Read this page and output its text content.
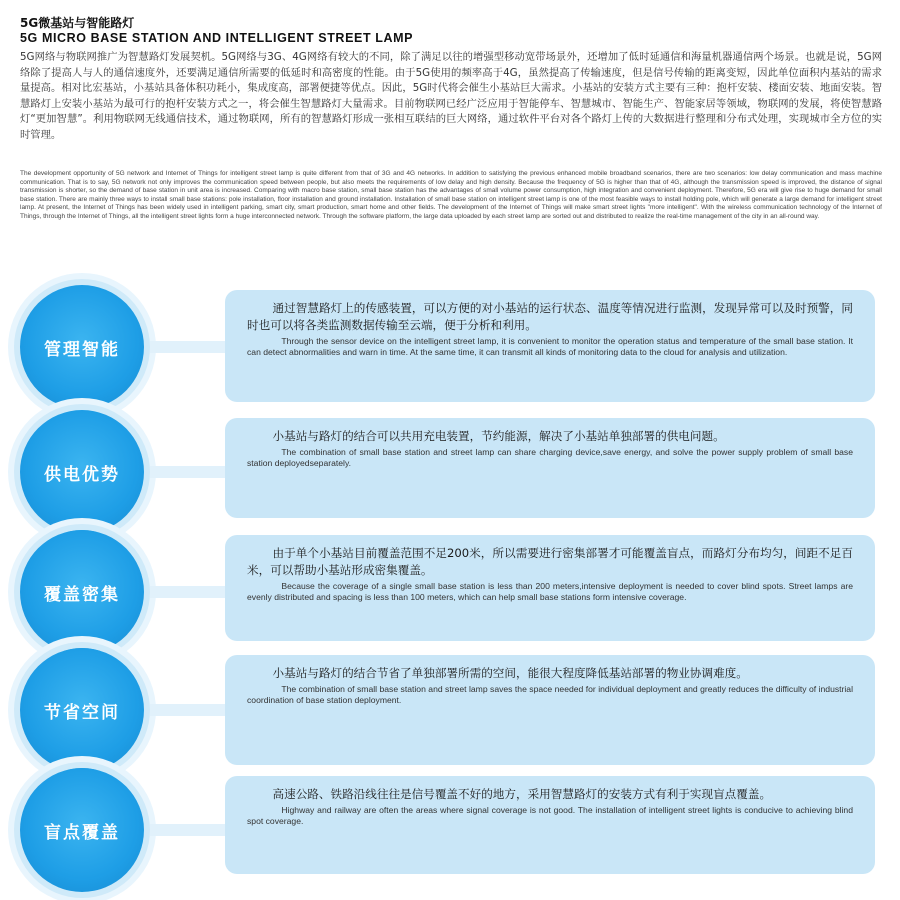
5G微基站与智能路灯
5G MICRO BASE STATION AND INTELLIGENT STREET LAMP
5G网络与物联网推广为智慧路灯发展契机。5G网络与3G、4G网络有较大的不同，除了满足以往的增强型移动宽带场景外，还增加了低时延通信和海量机器通信两个场景。也就是说，5G网络除了提高人与人的通信速度外，还要满足通信所需要的低延时和高密度的性能。由于5G使用的频率高于4G，虽然提高了传输速度，但是信号传输的距离变短，因此单位面积内基站的需求量提高。相对比宏基站，小基站具备体积功耗小，集成度高，部署便捷等优点。因此，5G时代将会催生小基站巨大需求。小基站的安装方式主要有三种：抱杆安装、楼面安装、地面安装。智慧路灯上安装小基站为最可行的抱杆安装方式之一，将会催生智慧路灯大量需求。目前物联网已经广泛应用于智能停车、智慧城市、智能生产、智能家居等领域，物联网的发展，将使智慧路灯“更加智慧”。利用物联网无线通信技术，通过物联网，所有的智慧路灯形成一张相互联结的巨大网络，通过软件平台对各个路灯上传的大数据进行整理和分布式处理，实现城市全方位的实时管理。
The development opportunity of 5G network and Internet of Things for intelligent street lamp is quite different from that of 3G and 4G networks. In addition to satisfying the previous enhanced mobile broadband scenarios, there are two scenarios: low delay communication and mass machine communication. That is to say, 5G network not only improves the communication speed between people, but also meets the requirements of low delay and high density. Because the frequency of 5G is higher than that of 4G, although the transmission speed is improved, the distance of signal transmission is shorter, so the demand of base station in unit area is increased. Comparing with macro base station, small base station has the advantages of small volume power consumption, high integration and convenient deployment. Therefore, 5G era will give rise to huge demand for small base station. There are mainly three ways to install small base stations: pole installation, floor installation and ground installation. Installation of small base station on intelligent street lamp is one of the most feasible ways to install holding pole, which will generate a large demand for intelligent street lamp. At present, the Internet of Things has been widely used in intelligent parking, smart city, smart production, smart home and other fields. The development of the Internet of Things will make smart street lights "more intelligent". With the wireless communication technology of the Internet of Things, through the Internet of Things, all the intelligent street lights form a huge interconnected network. Through the software platform, the large data uploaded by each street lamp are sorted out and distributed to realize the real-time management of the city in an all-round way.
管理智能
通过智慧路灯上的传感装置，可以方便的对小基站的运行状态、温度等情况进行监测，发现异常可以及时预警，同时也可以将各类监测数据传输至云端，便于分析和利用。
Through the sensor device on the intelligent street lamp, it is convenient to monitor the operation status and temperature of the small base station. It can detect abnormalities and warn in time. At the same time, it can transmit all kinds of monitoring data to the cloud for analysis and utilization.
供电优势
小基站与路灯的结合可以共用充电装置，节约能源，解决了小基站单独部署的供电问题。
The combination of small base station and street lamp can share charging device,save energy, and solve the power supply problem of small base station deployedseparately.
覆盖密集
由于单个小基站目前覆盖范围不足200米，所以需要进行密集部署才可能覆盖盲点，而路灯分布均匀，间距不足百米，可以帮助小基站形成密集覆盖。
Because the coverage of a single small base station is less than 200 meters,intensive deployment is needed to cover blind spots. Street lamps are evenly distributed and spacing is less than 100 meters, which can help small base stations form intensive coverage.
节省空间
小基站与路灯的结合节省了单独部署所需的空间，能很大程度降低基站部署的物业协调难度。
The combination of small base station and street lamp saves the space needed for individual deployment and greatly reduces the difficulty of industrial coordination of base station deployment.
盲点覆盖
高速公路、铁路沿线往往是信号覆盖不好的地方，采用智慧路灯的安装方式有利于实现盲点覆盖。
Highway and railway are often the areas where signal coverage is not good. The installation of intelligent street lights is conducive to achieving blind spot coverage.
